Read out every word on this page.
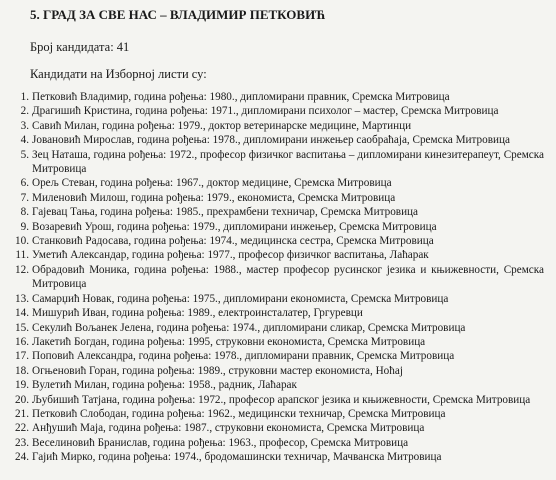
5. ГРАД ЗА СВЕ НАС – ВЛАДИМИР ПЕТКОВИЋ
Број кандидата: 41
Кандидати на Изборној листи су:
1. Петковић Владимир, година рођења: 1980., дипломирани правник, Сремска Митровица
2. Драгишић Кристина, година рођења: 1971., дипломирани психолог – мастер, Сремска Митровица
3. Савић Милан, година рођења: 1979., доктор ветеринарске медицине, Мартинци
4. Јовановић Мирослав, година рођења: 1978., дипломирани инжењер саобраћаја, Сремска Митровица
5. Зец Наташа, година рођења: 1972., професор физичког васпитања – дипломирани кинезитерапеут, Сремска Митровица
6. Орељ Стеван, година рођења: 1967., доктор медицине, Сремска Митровица
7. Миленовић Милош, година рођења: 1979., економиста, Сремска Митровица
8. Гајевац Тања, година рођења: 1985., прехрамбени техничар, Сремска Митровица
9. Возаревић Урош, година рођења: 1979., дипломирани инжењер, Сремска Митровица
10. Станковић Радосава, година рођења: 1974., медицинска сестра, Сремска Митровица
11. Уметић Александар, година рођења: 1977., професор физичког васпитања, Лаћарак
12. Обрадовић Моника, година рођења: 1988., мастер професор русинског језика и књижевности, Сремска Митровица
13. Самарџић Новак, година рођења: 1975., дипломирани економиста, Сремска Митровица
14. Мишурић Иван, година рођења: 1989., електроинсталатер, Гргуревци
15. Секулић Вољанек Јелена, година рођења: 1974., дипломирани сликар, Сремска Митровица
16. Лакетић Богдан, година рођења: 1995, струковни економиста, Сремска Митровица
17. Поповић Александра, година рођења: 1978., дипломирани правник, Сремска Митровица
18. Огњеновић Горан, година рођења: 1989., струковни мастер економиста, Ноћај
19. Вулетић Милан, година рођења: 1958., радник, Лаћарак
20. Љубишић Татјана, година рођења: 1972., професор арапског језика и књижевности, Сремска Митровица
21. Петковић Слободан, година рођења: 1962., медицински техничар, Сремска Митровица
22. Анђушић Маја, година рођења: 1987., струковни економиста, Сремска Митровица
23. Веселиновић Бранислав, година рођења: 1963., професор, Сремска Митровица
24. Гајић Мирко, година рођења: 1974., бродомашински техничар, Мачванска Митровица
